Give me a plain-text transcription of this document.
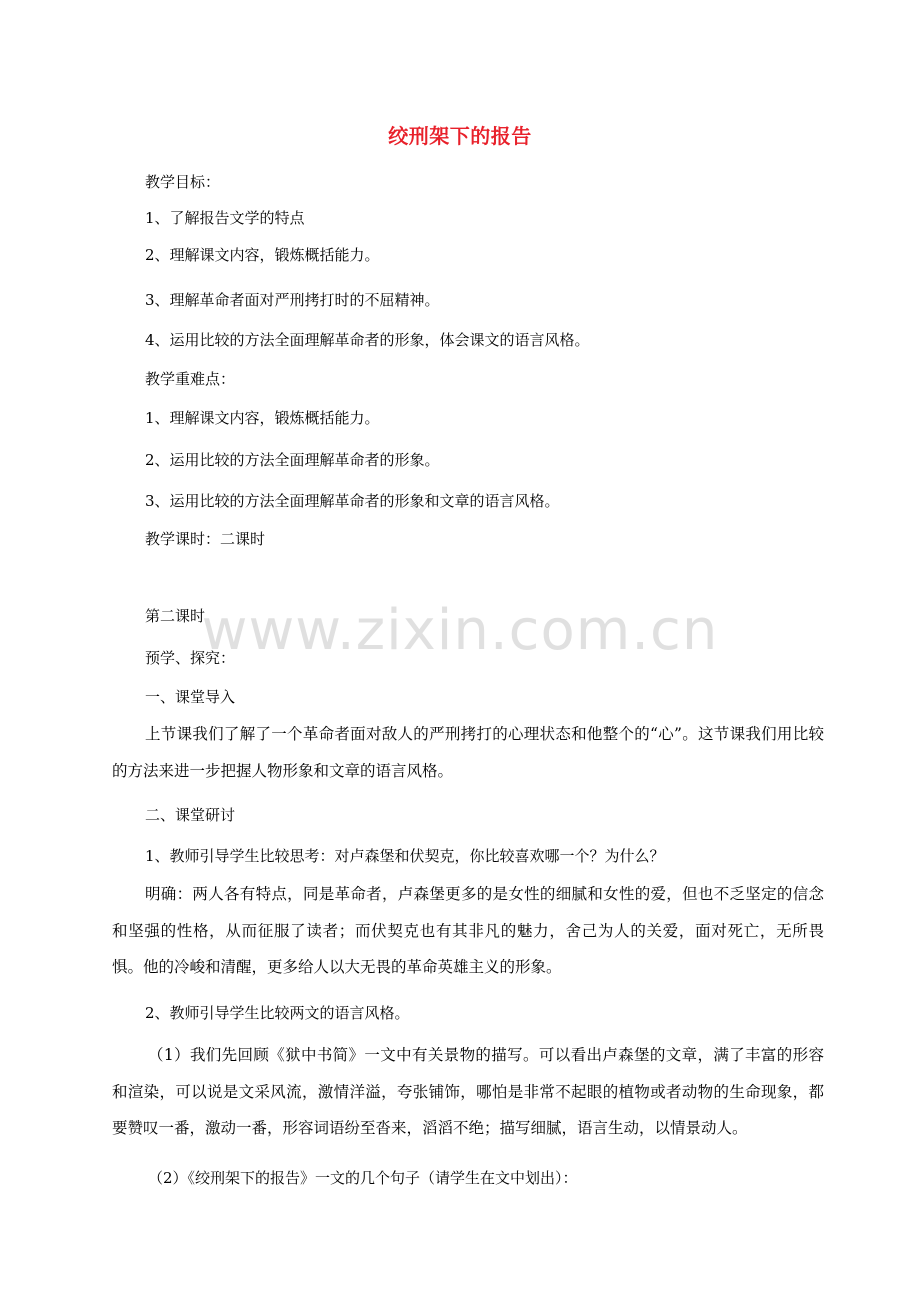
绞刑架下的报告
教学目标：
1、了解报告文学的特点
2、理解课文内容，锻炼概括能力。
3、理解革命者面对严刑拷打时的不屈精神。
4、运用比较的方法全面理解革命者的形象，体会课文的语言风格。
教学重难点：
1、理解课文内容，锻炼概括能力。
2、运用比较的方法全面理解革命者的形象。
3、运用比较的方法全面理解革命者的形象和文章的语言风格。
教学课时：二课时
第二课时
预学、探究：
一、课堂导入
上节课我们了解了一个革命者面对敌人的严刑拷打的心理状态和他整个的“心”。这节课我们用比较的方法来进一步把握人物形象和文章的语言风格。
二、课堂研讨
1、教师引导学生比较思考：对卢森堡和伏契克，你比较喜欢哪一个？为什么？
明确：两人各有特点，同是革命者，卢森堡更多的是女性的细腻和女性的爱，但也不乏坚定的信念和坚强的性格，从而征服了读者；而伏契克也有其非凡的魅力，舍己为人的关爱，面对死亡，无所畏惧。他的冷峻和清醒，更多给人以大无畏的革命英雄主义的形象。
2、教师引导学生比较两文的语言风格。
（1）我们先回顾《狱中书简》一文中有关景物的描写。可以看出卢森堡的文章，满了丰富的形容和渲染，可以说是文采风流，激情洋溢，夸张铺饰，哪怕是非常不起眼的植物或者动物的生命现象，都要赞叹一番，激动一番，形容词语纷至沓来，滔滔不绝；描写细腻，语言生动，以情景动人。
（2）《绞刑架下的报告》一文的几个句子（请学生在文中划出）：
www.zixin.com.cn
